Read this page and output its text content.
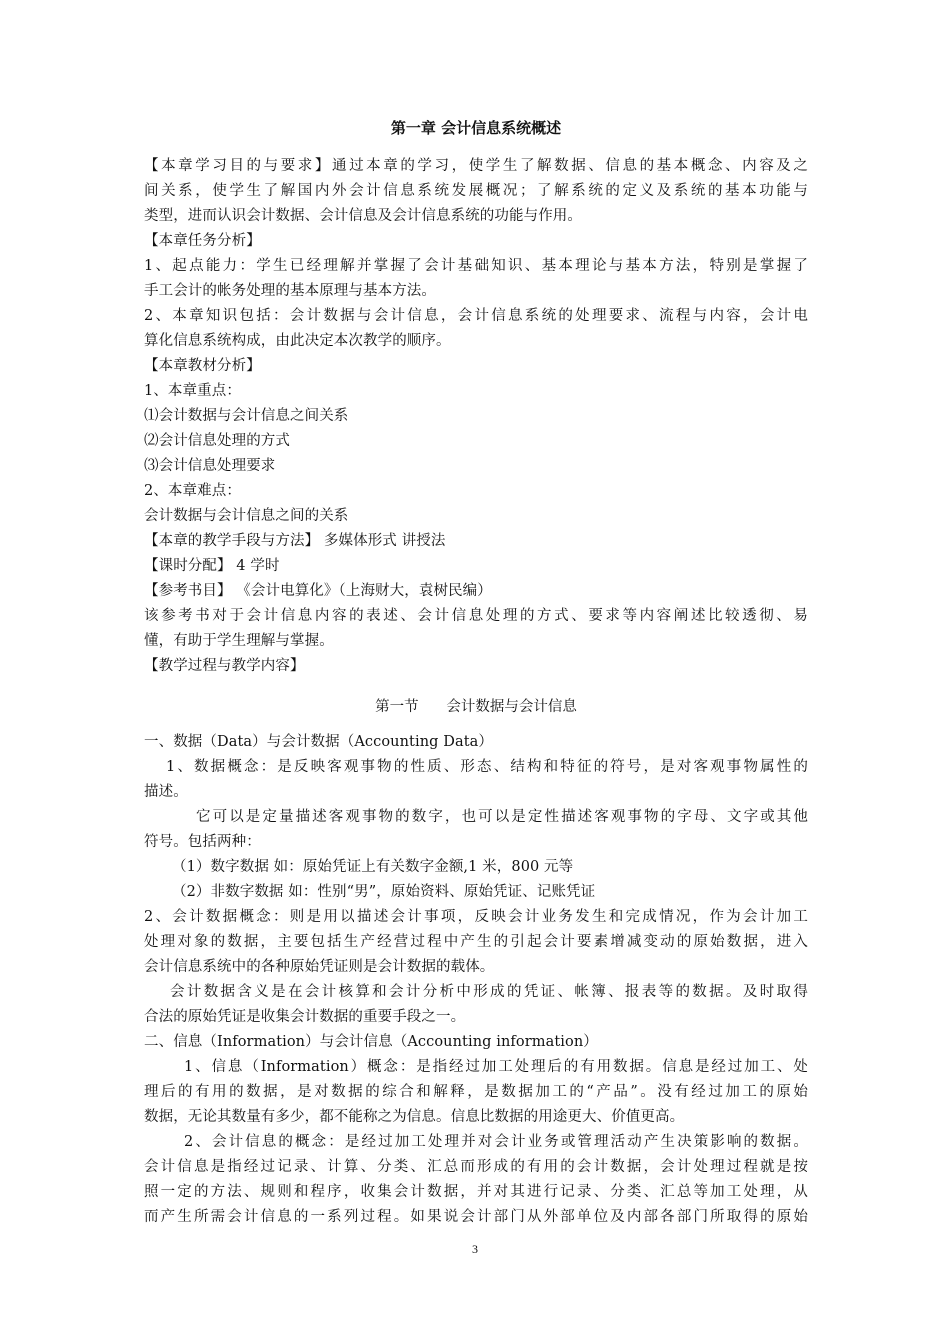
第一章 会计信息系统概述
【本章学习目的与要求】通过本章的学习，使学生了解数据、信息的基本概念、内容及之
间关系，使学生了解国内外会计信息系统发展概况；了解系统的定义及系统的基本功能与
类型，进而认识会计数据、会计信息及会计信息系统的功能与作用。
【本章任务分析】
1、起点能力：学生已经理解并掌握了会计基础知识、基本理论与基本方法，特别是掌握了
手工会计的帐务处理的基本原理与基本方法。
2、本章知识包括：会计数据与会计信息，会计信息系统的处理要求、流程与内容，会计电
算化信息系统构成，由此决定本次教学的顺序。
【本章教材分析】
1、本章重点：
⑴会计数据与会计信息之间关系
⑵会计信息处理的方式
⑶会计信息处理要求
2、本章难点：
会计数据与会计信息之间的关系
【本章的教学手段与方法】 多媒体形式 讲授法
【课时分配】 4 学时
【参考书目】 《会计电算化》（上海财大，袁树民编）
该参考书对于会计信息内容的表述、会计信息处理的方式、要求等内容阐述比较透彻、易
懂，有助于学生理解与掌握。
【教学过程与教学内容】
第一节      会计数据与会计信息
一、数据（Data）与会计数据（Accounting Data）
1、数据概念：是反映客观事物的性质、形态、结构和特征的符号，是对客观事物属性的
描述。
它可以是定量描述客观事物的数字，也可以是定性描述客观事物的字母、文字或其他
符号。包括两种：
（1）数字数据 如：原始凭证上有关数字金额,1 米，800 元等
（2）非数字数据 如：性别“男”，原始资料、原始凭证、记账凭证
2、会计数据概念：则是用以描述会计事项，反映会计业务发生和完成情况，作为会计加工
处理对象的数据，主要包括生产经营过程中产生的引起会计要素增减变动的原始数据，进入
会计信息系统中的各种原始凭证则是会计数据的载体。
会计数据含义是在会计核算和会计分析中形成的凭证、帐簿、报表等的数据。及时取得
合法的原始凭证是收集会计数据的重要手段之一。
二、信息（Information）与会计信息（Accounting information）
1、信息（Information）概念：是指经过加工处理后的有用数据。信息是经过加工、处
理后的有用的数据，是对数据的综合和解释，是数据加工的“产品”。没有经过加工的原始
数据，无论其数量有多少，都不能称之为信息。信息比数据的用途更大、价值更高。
2、会计信息的概念：是经过加工处理并对会计业务或管理活动产生决策影响的数据。
会计信息是指经过记录、计算、分类、汇总而形成的有用的会计数据，会计处理过程就是按
照一定的方法、规则和程序，收集会计数据，并对其进行记录、分类、汇总等加工处理，从
而产生所需会计信息的一系列过程。如果说会计部门从外部单位及内部各部门所取得的原始
3
